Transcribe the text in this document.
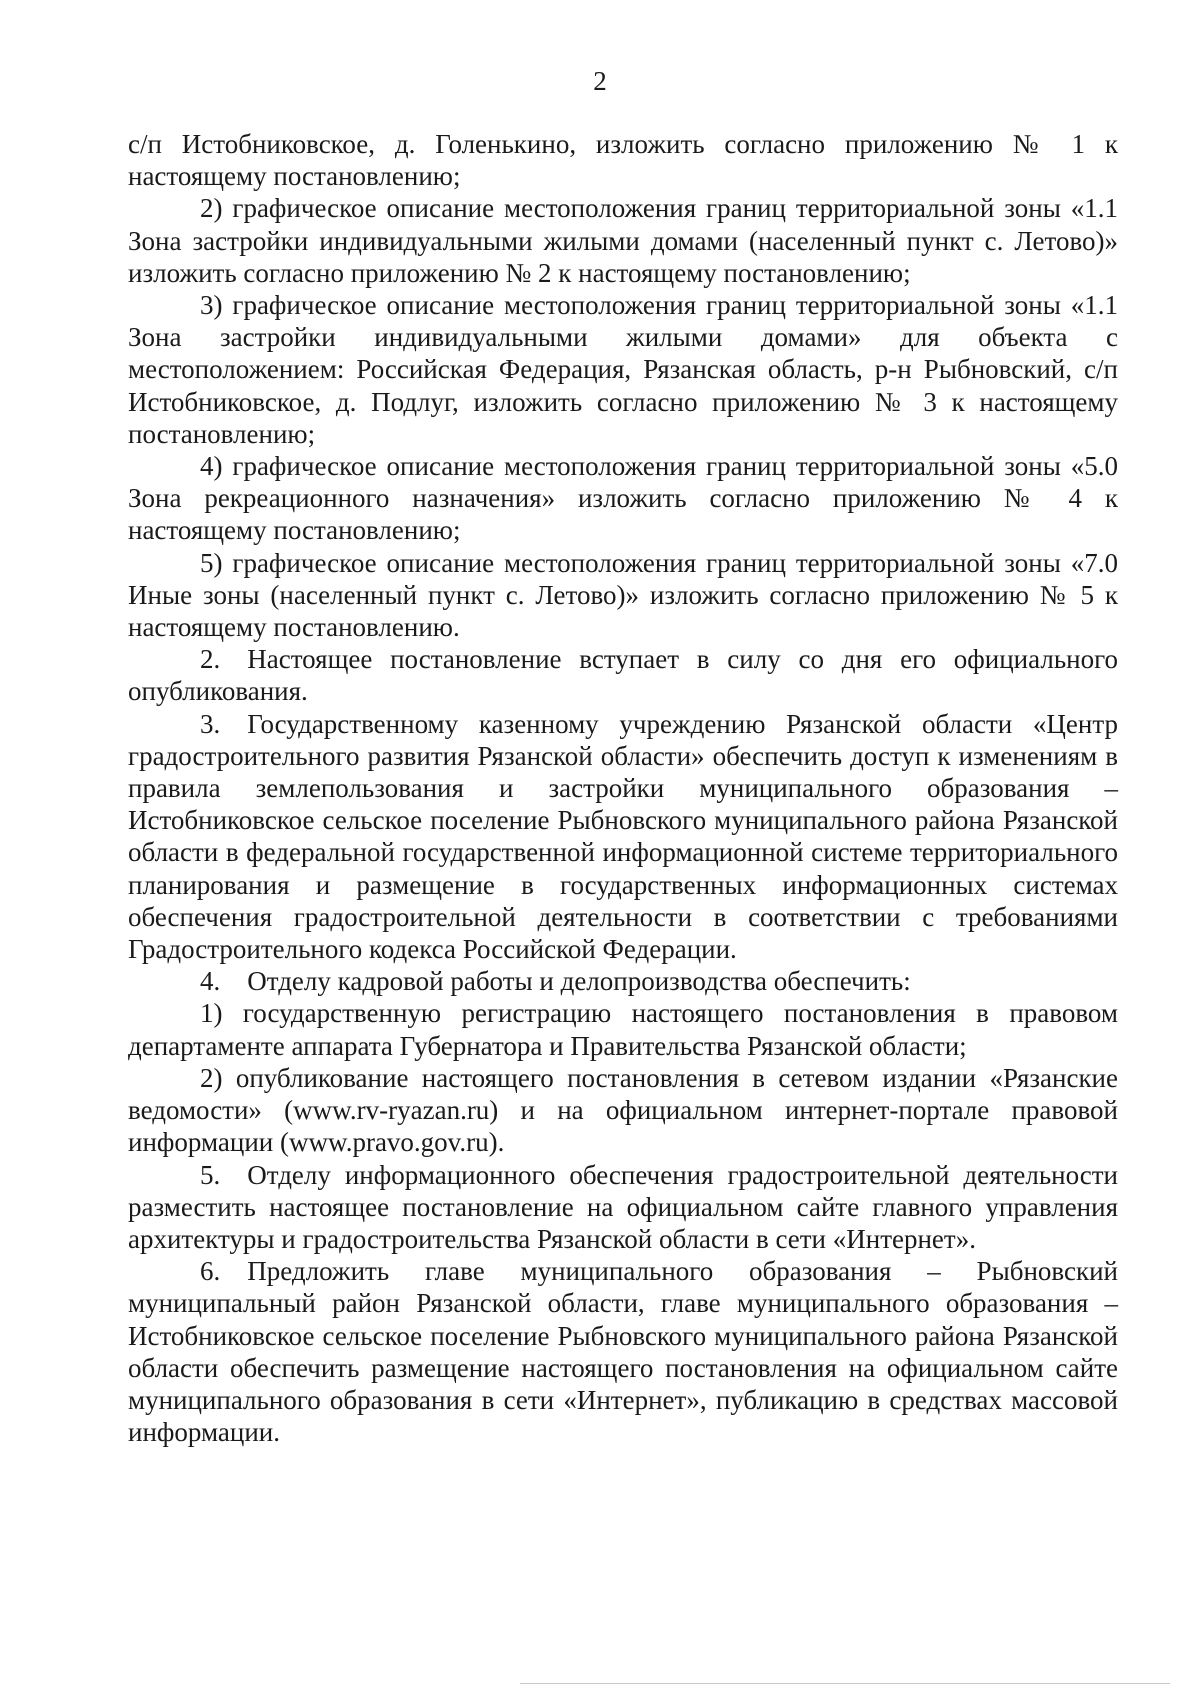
2

с/п Истобниковское, д. Голенькино, изложить согласно приложению № 1 к настоящему постановлению;

2) графическое описание местоположения границ территориальной зоны «1.1 Зона застройки индивидуальными жилыми домами (населенный пункт с. Летово)» изложить согласно приложению № 2 к настоящему постановлению;

3) графическое описание местоположения границ территориальной зоны «1.1 Зона застройки индивидуальными жилыми домами» для объекта с местоположением: Российская Федерация, Рязанская область, р-н Рыбновский, с/п Истобниковское, д. Подлуг, изложить согласно приложению № 3 к настоящему постановлению;

4) графическое описание местоположения границ территориальной зоны «5.0 Зона рекреационного назначения» изложить согласно приложению № 4 к настоящему постановлению;

5) графическое описание местоположения границ территориальной зоны «7.0 Иные зоны (населенный пункт с. Летово)» изложить согласно приложению № 5 к настоящему постановлению.

2. Настоящее постановление вступает в силу со дня его официального опубликования.

3. Государственному казенному учреждению Рязанской области «Центр градостроительного развития Рязанской области» обеспечить доступ к изменениям в правила землепользования и застройки муниципального образования – Истобниковское сельское поселение Рыбновского муниципального района Рязанской области в федеральной государственной информационной системе территориального планирования и размещение в государственных информационных системах обеспечения градостроительной деятельности в соответствии с требованиями Градостроительного кодекса Российской Федерации.

4. Отделу кадровой работы и делопроизводства обеспечить:

1) государственную регистрацию настоящего постановления в правовом департаменте аппарата Губернатора и Правительства Рязанской области;

2) опубликование настоящего постановления в сетевом издании «Рязанские ведомости» (www.rv-ryazan.ru) и на официальном интернет-портале правовой информации (www.pravo.gov.ru).

5. Отделу информационного обеспечения градостроительной деятельности разместить настоящее постановление на официальном сайте главного управления архитектуры и градостроительства Рязанской области в сети «Интернет».

6. Предложить главе муниципального образования – Рыбновский муниципальный район Рязанской области, главе муниципального образования – Истобниковское сельское поселение Рыбновского муниципального района Рязанской области обеспечить размещение настоящего постановления на официальном сайте муниципального образования в сети «Интернет», публикацию в средствах массовой информации.
